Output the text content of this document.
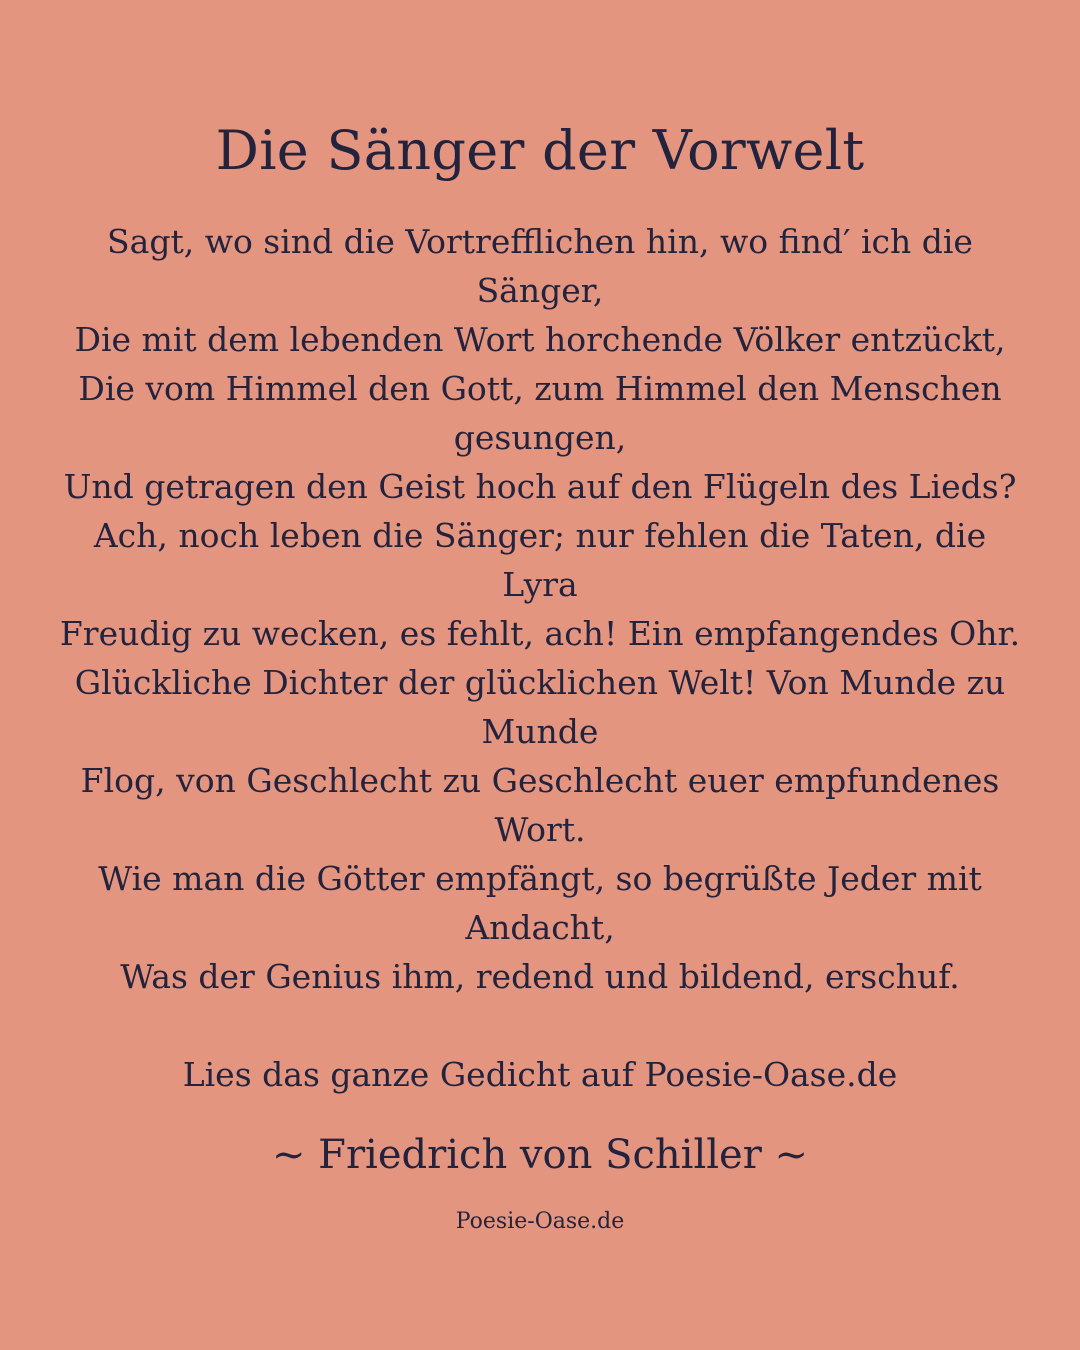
Die Sänger der Vorwelt
Sagt, wo sind die Vortrefflichen hin, wo find′ ich die
Sänger,
Die mit dem lebenden Wort horchende Völker entzückt,
Die vom Himmel den Gott, zum Himmel den Menschen
gesungen,
Und getragen den Geist hoch auf den Flügeln des Lieds?
Ach, noch leben die Sänger; nur fehlen die Taten, die
Lyra
Freudig zu wecken, es fehlt, ach! Ein empfangendes Ohr.
Glückliche Dichter der glücklichen Welt! Von Munde zu
Munde
Flog, von Geschlecht zu Geschlecht euer empfundenes
Wort.
Wie man die Götter empfängt, so begrüßte Jeder mit
Andacht,
Was der Genius ihm, redend und bildend, erschuf.
Lies das ganze Gedicht auf Poesie-Oase.de
~ Friedrich von Schiller ~
Poesie-Oase.de
